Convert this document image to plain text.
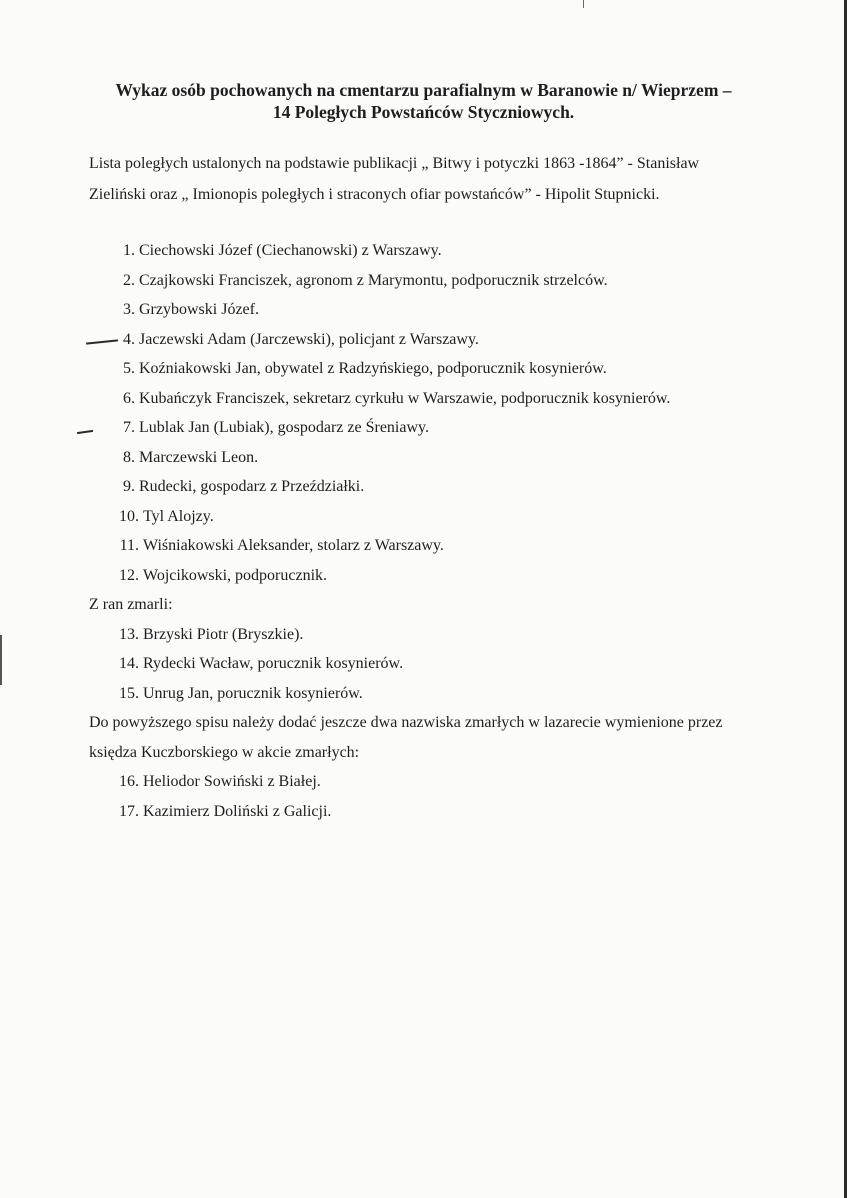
Wykaz osób pochowanych na cmentarzu parafialnym w Baranowie n/ Wieprzem –
14 Poległych Powstańców Styczniowych.
Lista poległych ustalonych na podstawie publikacji „ Bitwy i potyczki 1863 -1864” - Stanisław
Zieliński oraz „ Imionopis poległych i straconych ofiar powstańców” - Hipolit Stupnicki.
1. Ciechowski Józef (Ciechanowski) z Warszawy.
2. Czajkowski Franciszek, agronom z Marymontu, podporucznik strzelców.
3. Grzybowski Józef.
4. Jaczewski Adam (Jarczewski), policjant z Warszawy.
5. Koźniakowski Jan, obywatel z Radzyńskiego, podporucznik kosynierów.
6. Kubańczyk Franciszek, sekretarz cyrkułu w Warszawie, podporucznik kosynierów.
7. Lublak Jan (Lubiak), gospodarz ze Śreniawy.
8. Marczewski Leon.
9. Rudecki, gospodarz z Przeździałki.
10. Tyl Alojzy.
11. Wiśniakowski Aleksander, stolarz z Warszawy.
12. Wojcikowski, podporucznik.
Z ran zmarli:
13. Brzyski Piotr (Bryszkie).
14. Rydecki Wacław, porucznik kosynierów.
15. Unrug Jan, porucznik kosynierów.
Do powyższego spisu należy dodać jeszcze dwa nazwiska zmarłych w lazarecie wymienione przez
księdza Kuczborskiego w akcie zmarłych:
16. Heliodor Sowiński z Białej.
17. Kazimierz Doliński z Galicji.
